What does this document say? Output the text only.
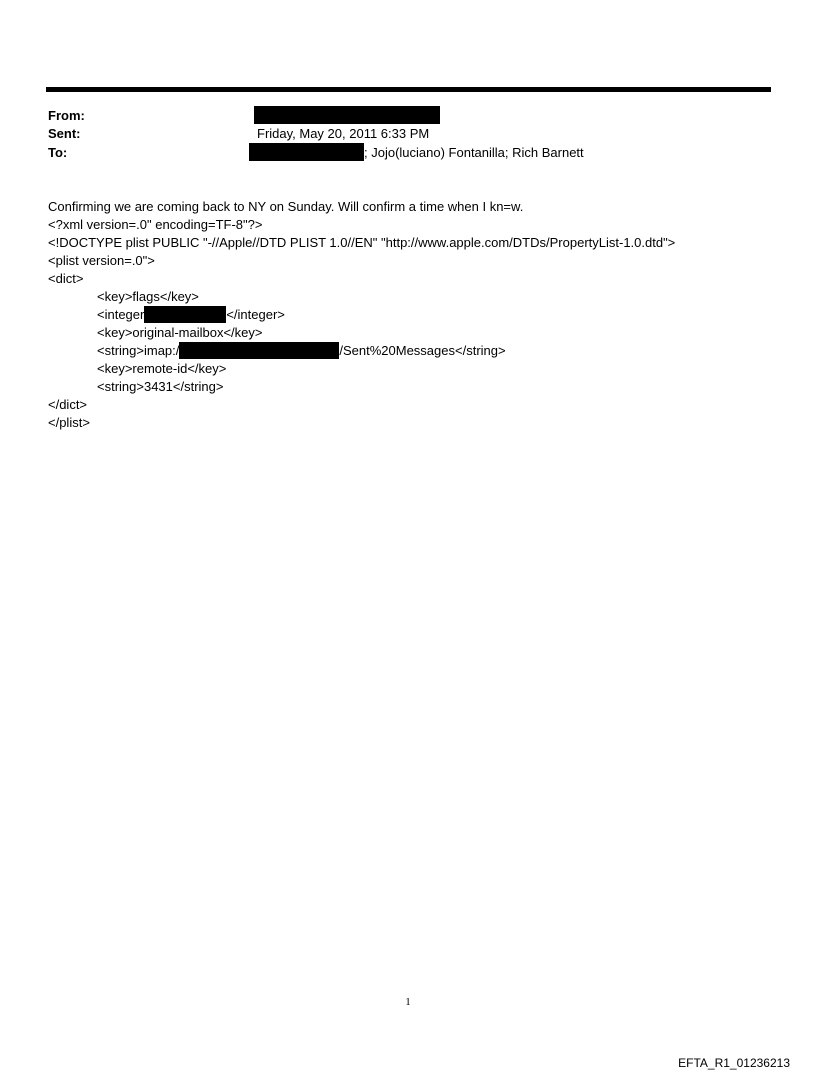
From:
Sent:	Friday, May 20, 2011 6:33 PM
To:	; Jojo(luciano) Fontanilla; Rich Barnett
Confirming we are coming back to NY on Sunday. Will confirm a time when I kn=w.
<?xml version=.0" encoding=TF-8"?>
<!DOCTYPE plist PUBLIC "-//Apple//DTD PLIST 1.0//EN" "http://www.apple.com/DTDs/PropertyList-1.0.dtd">
<plist version=.0">
<dict>
<key>flags</key>
<integer	</integer>
<key>original-mailbox</key>
<string>imap:/	/Sent%20Messages</string>
<key>remote-id</key>
<string>3431</string>
</dict>
</plist>
1
EFTA_R1_01236213
